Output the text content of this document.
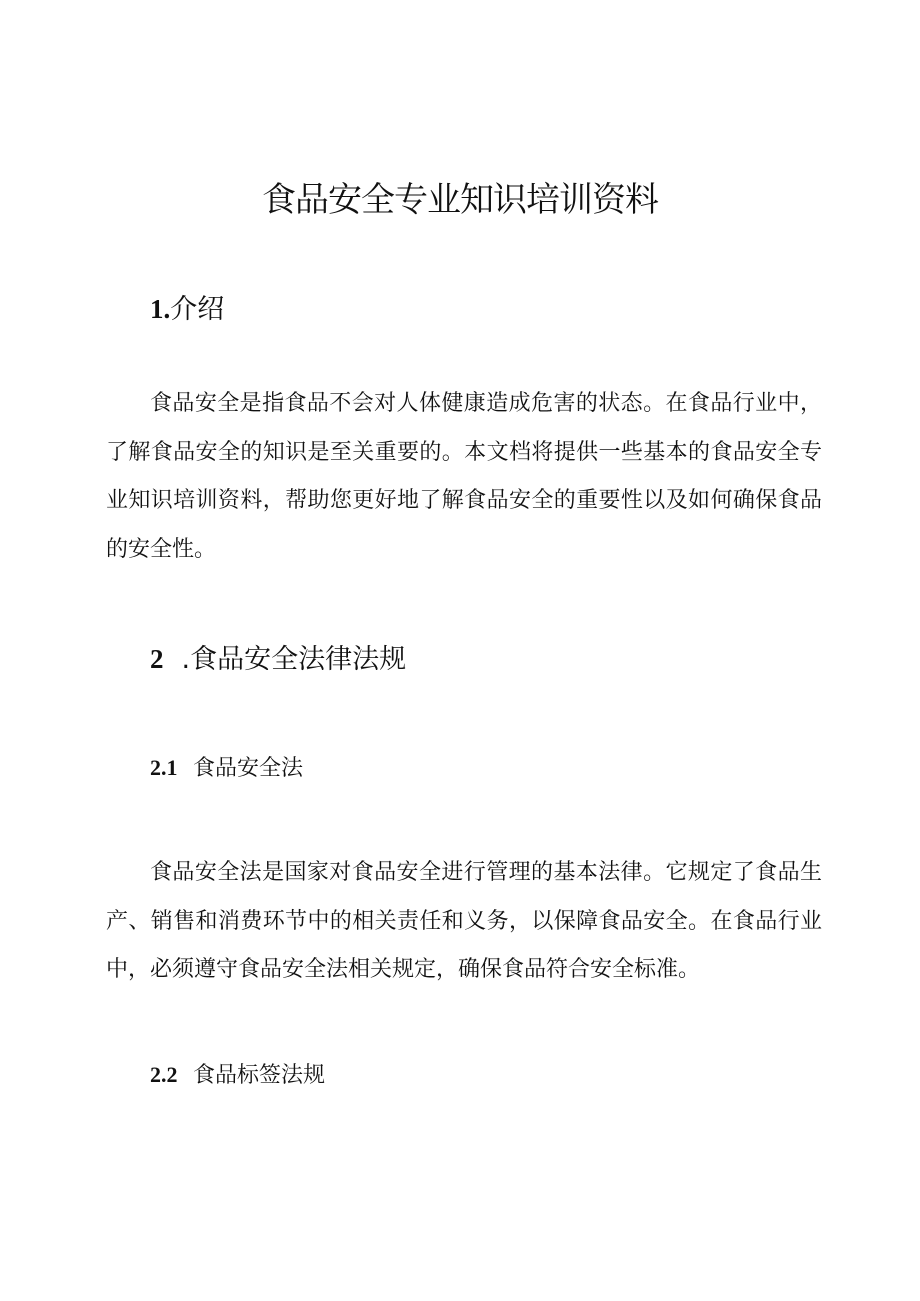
食品安全专业知识培训资料
1.介绍

食品安全是指食品不会对人体健康造成危害的状态。在食品行业中，了解食品安全的知识是至关重要的。本文档将提供一些基本的食品安全专业知识培训资料，帮助您更好地了解食品安全的重要性以及如何确保食品的安全性。

2 .食品安全法律法规
2.1 食品安全法

食品安全法是国家对食品安全进行管理的基本法律。它规定了食品生产、销售和消费环节中的相关责任和义务，以保障食品安全。在食品行业中，必须遵守食品安全法相关规定，确保食品符合安全标准。

2.2 食品标签法规
